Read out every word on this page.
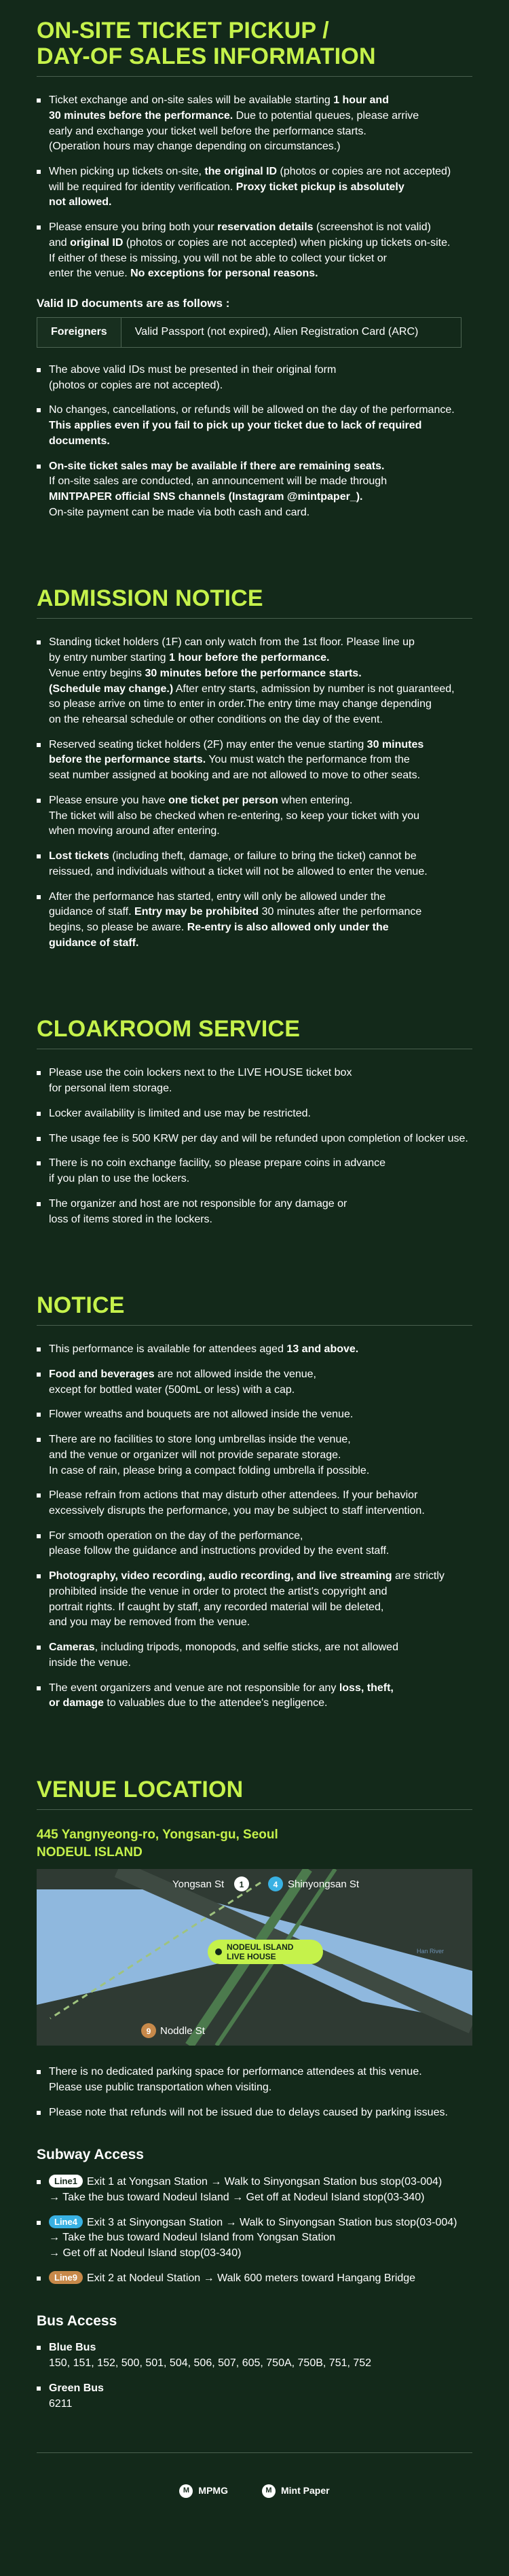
ON-SITE TICKET PICKUP /
DAY-OF SALES INFORMATION
Ticket exchange and on-site sales will be available starting 1 hour and
30 minutes before the performance. Due to potential queues, please arrive
early and exchange your ticket well before the performance starts.
(Operation hours may change depending on circumstances.)
When picking up tickets on-site, the original ID (photos or copies are not accepted)
will be required for identity verification. Proxy ticket pickup is absolutely
not allowed.
Please ensure you bring both your reservation details (screenshot is not valid)
and original ID (photos or copies are not accepted) when picking up tickets on-site.
If either of these is missing, you will not be able to collect your ticket or
enter the venue. No exceptions for personal reasons.
Valid ID documents are as follows :
Foreigners	Valid Passport (not expired), Alien Registration Card (ARC)
The above valid IDs must be presented in their original form
(photos or copies are not accepted).
No changes, cancellations, or refunds will be allowed on the day of the performance.
This applies even if you fail to pick up your ticket due to lack of required documents.
On-site ticket sales may be available if there are remaining seats.
If on-site sales are conducted, an announcement will be made through
MINTPAPER official SNS channels (Instagram @mintpaper_).
On-site payment can be made via both cash and card.
ADMISSION NOTICE
Standing ticket holders (1F) can only watch from the 1st floor. Please line up
by entry number starting 1 hour before the performance.
Venue entry begins 30 minutes before the performance starts.
(Schedule may change.) After entry starts, admission by number is not guaranteed,
so please arrive on time to enter in order.The entry time may change depending
on the rehearsal schedule or other conditions on the day of the event.
Reserved seating ticket holders (2F) may enter the venue starting 30 minutes
before the performance starts. You must watch the performance from the
seat number assigned at booking and are not allowed to move to other seats.
Please ensure you have one ticket per person when entering.
The ticket will also be checked when re-entering, so keep your ticket with you
when moving around after entering.
Lost tickets (including theft, damage, or failure to bring the ticket) cannot be
reissued, and individuals without a ticket will not be allowed to enter the venue.
After the performance has started, entry will only be allowed under the
guidance of staff. Entry may be prohibited 30 minutes after the performance
begins, so please be aware. Re-entry is also allowed only under the
guidance of staff.
CLOAKROOM SERVICE
Please use the coin lockers next to the LIVE HOUSE ticket box
for personal item storage.
Locker availability is limited and use may be restricted.
The usage fee is 500 KRW per day and will be refunded upon completion of locker use.
There is no coin exchange facility, so please prepare coins in advance
if you plan to use the lockers.
The organizer and host are not responsible for any damage or
loss of items stored in the lockers.
NOTICE
This performance is available for attendees aged 13 and above.
Food and beverages are not allowed inside the venue,
except for bottled water (500mL or less) with a cap.
Flower wreaths and bouquets are not allowed inside the venue.
There are no facilities to store long umbrellas inside the venue,
and the venue or organizer will not provide separate storage.
In case of rain, please bring a compact folding umbrella if possible.
Please refrain from actions that may disturb other attendees. If your behavior
excessively disrupts the performance, you may be subject to staff intervention.
For smooth operation on the day of the performance,
please follow the guidance and instructions provided by the event staff.
Photography, video recording, audio recording, and live streaming are strictly
prohibited inside the venue in order to protect the artist's copyright and
portrait rights. If caught by staff, any recorded material will be deleted,
and you may be removed from the venue.
Cameras, including tripods, monopods, and selfie sticks, are not allowed
inside the venue.
The event organizers and venue are not responsible for any loss, theft,
or damage to valuables due to the attendee's negligence.
VENUE LOCATION
445 Yangnyeong-ro, Yongsan-gu, Seoul
NODEUL ISLAND
NODEUL ISLAND
LIVE HOUSE
Yongsan St 1	4 Shinyongsan St
9 Noddle St
Han River
There is no dedicated parking space for performance attendees at this venue.
Please use public transportation when visiting.
Please note that refunds will not be issued due to delays caused by parking issues.
Subway Access
Line1 Exit 1 at Yongsan Station → Walk to Sinyongsan Station bus stop(03-004)
→ Take the bus toward Nodeul Island → Get off at Nodeul Island stop(03-340)
Line4 Exit 3 at Sinyongsan Station → Walk to Sinyongsan Station bus stop(03-004)
→ Take the bus toward Nodeul Island from Yongsan Station
→ Get off at Nodeul Island stop(03-340)
Line9 Exit 2 at Nodeul Station → Walk 600 meters toward Hangang Bridge
Bus Access
Blue Bus
150, 151, 152, 500, 501, 504, 506, 507, 605, 750A, 750B, 751, 752
Green Bus
6211
M MPMG	M Mint Paper
